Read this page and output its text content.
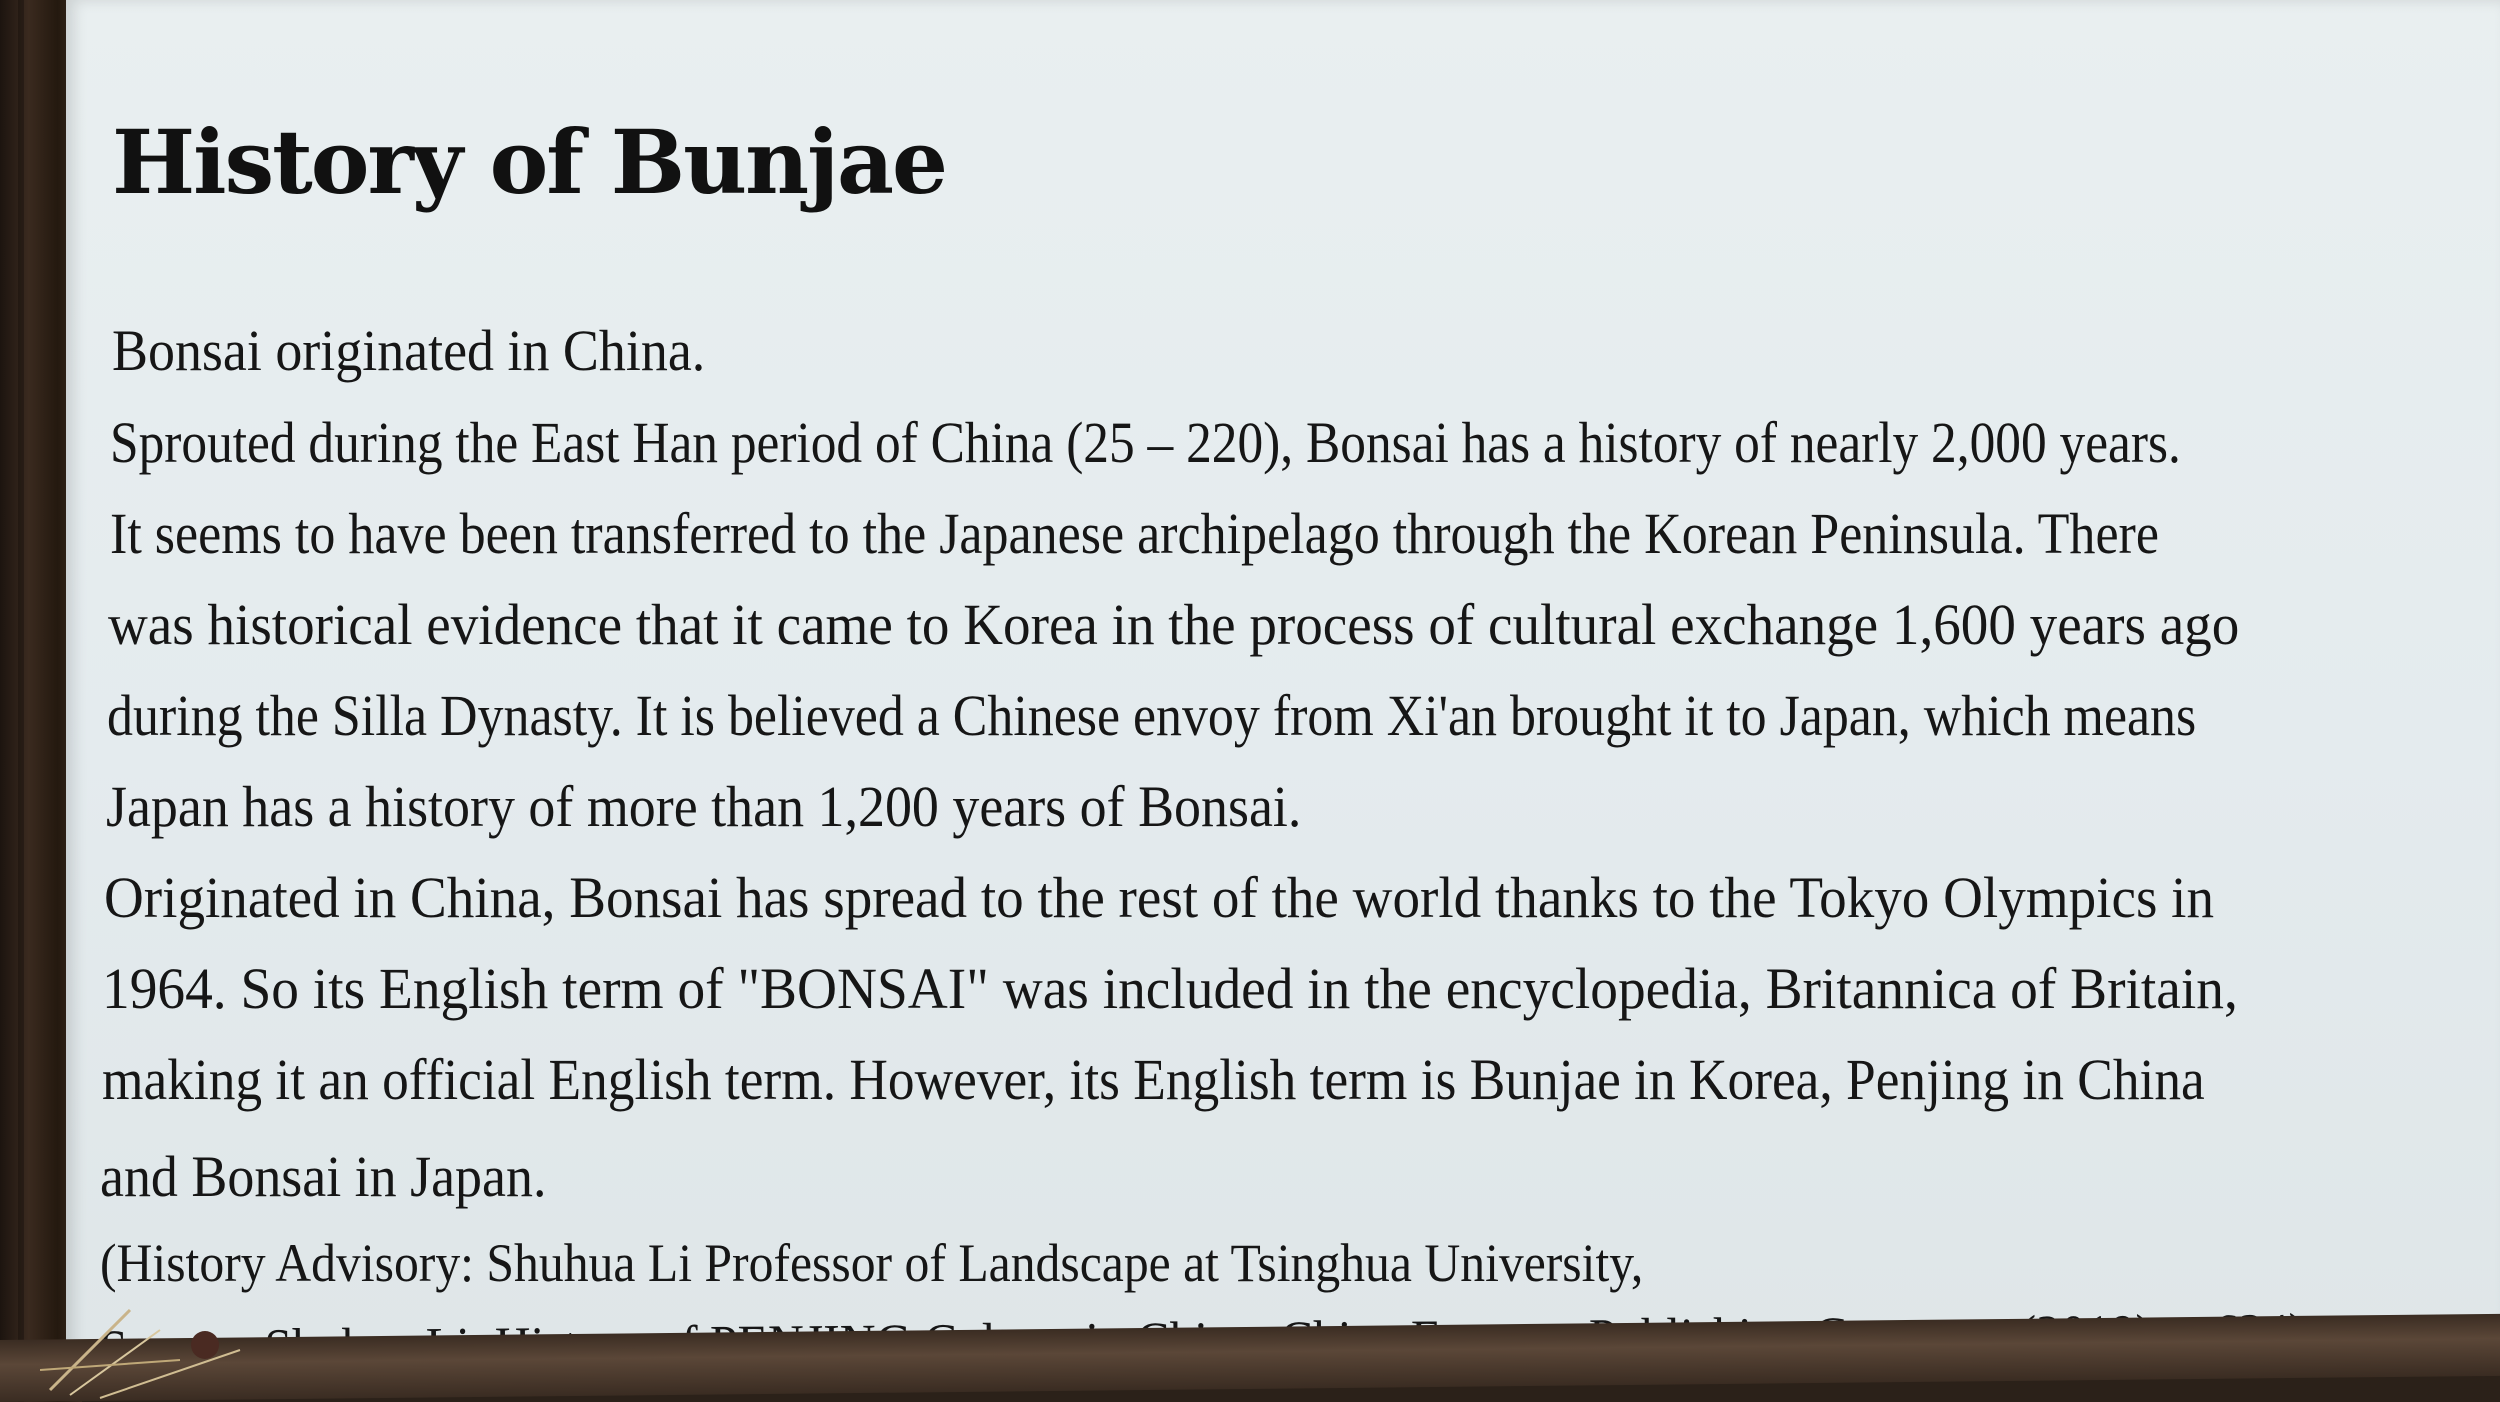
History of Bunjae

Bonsai originated in China.

Sprouted during the East Han period of China (25 – 220), Bonsai has a history of nearly 2,000 years.

It seems to have been transferred to the Japanese archipelago through the Korean Peninsula. There

was historical evidence that it came to Korea in the process of cultural exchange 1,600 years ago

during the Silla Dynasty. It is believed a Chinese envoy from Xi'an brought it to Japan, which means

Japan has a history of more than 1,200 years of Bonsai.

Originated in China, Bonsai has spread to the rest of the world thanks to the Tokyo Olympics in

1964. So its English term of "BONSAI" was included in the encyclopedia, Britannica of Britain,

making it an official English term. However, its English term is Bunjae in Korea, Penjing in China

and Bonsai in Japan.

(History Advisory: Shuhua Li Professor of Landscape at Tsinghua University,
